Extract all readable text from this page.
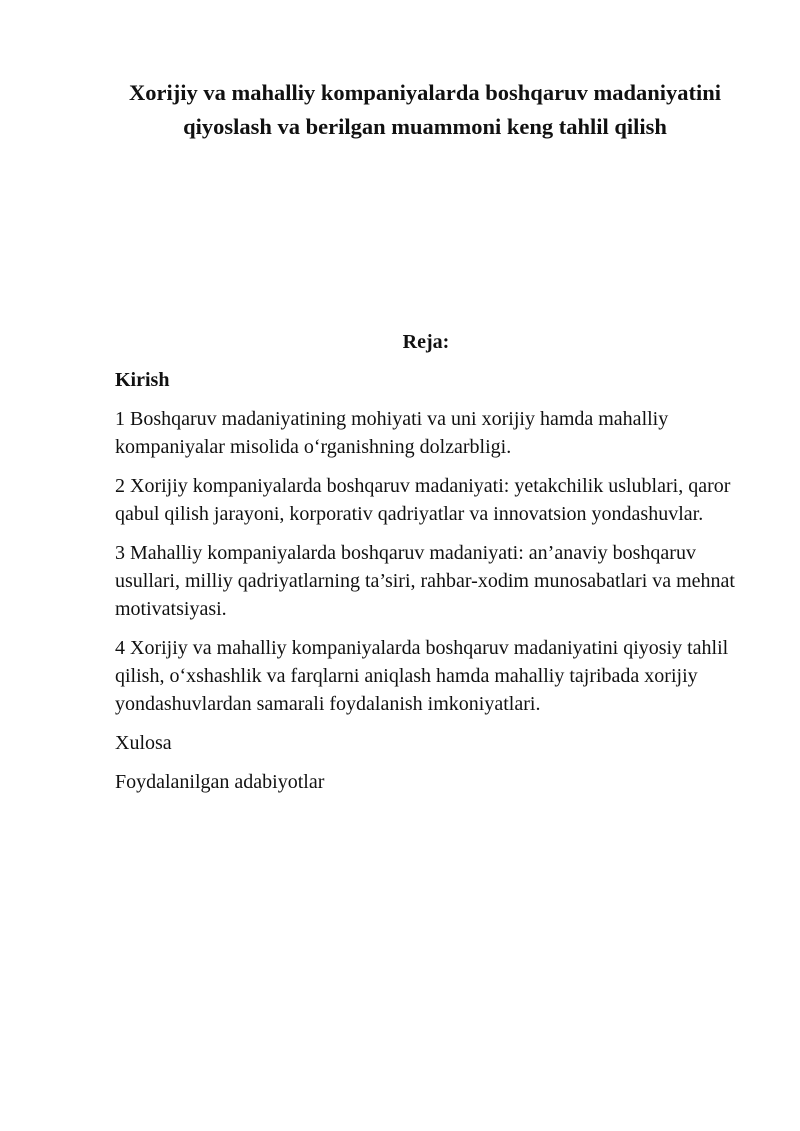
Xorijiy va mahalliy kompaniyalarda boshqaruv madaniyatini qiyoslash va berilgan muammoni keng tahlil qilish
Reja:
Kirish
1 Boshqaruv madaniyatining mohiyati va uni xorijiy hamda mahalliy kompaniyalar misolida o‘rganishning dolzarbligi.
2 Xorijiy kompaniyalarda boshqaruv madaniyati: yetakchilik uslublari, qaror qabul qilish jarayoni, korporativ qadriyatlar va innovatsion yondashuvlar.
3 Mahalliy kompaniyalarda boshqaruv madaniyati: an’anaviy boshqaruv usullari, milliy qadriyatlarning ta’siri, rahbar-xodim munosabatlari va mehnat motivatsiyasi.
4 Xorijiy va mahalliy kompaniyalarda boshqaruv madaniyatini qiyosiy tahlil qilish, o‘xshashlik va farqlarni aniqlash hamda mahalliy tajribada xorijiy yondashuvlardan samarali foydalanish imkoniyatlari.
Xulosa
Foydalanilgan adabiyotlar
